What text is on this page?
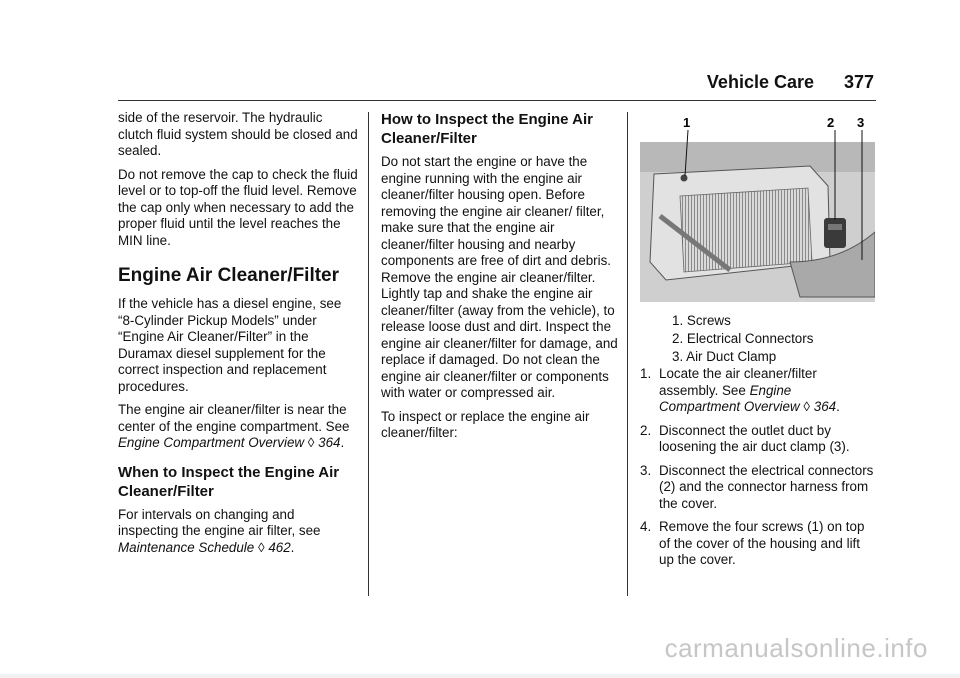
Vehicle Care 377

side of the reservoir. The hydraulic clutch fluid system should be closed and sealed.

Do not remove the cap to check the fluid level or to top-off the fluid level. Remove the cap only when necessary to add the proper fluid until the level reaches the MIN line.

Engine Air Cleaner/Filter

If the vehicle has a diesel engine, see “8-Cylinder Pickup Models” under “Engine Air Cleaner/Filter” in the Duramax diesel supplement for the correct inspection and replacement procedures.

The engine air cleaner/filter is near the center of the engine compartment. See Engine Compartment Overview ◊ 364.

When to Inspect the Engine Air Cleaner/Filter

For intervals on changing and inspecting the engine air filter, see Maintenance Schedule ◊ 462.

How to Inspect the Engine Air Cleaner/Filter

Do not start the engine or have the engine running with the engine air cleaner/filter housing open. Before removing the engine air cleaner/ filter, make sure that the engine air cleaner/filter housing and nearby components are free of dirt and debris. Remove the engine air cleaner/filter. Lightly tap and shake the engine air cleaner/filter (away from the vehicle), to release loose dust and dirt. Inspect the engine air cleaner/filter for damage, and replace if damaged. Do not clean the engine air cleaner/filter or components with water or compressed air.

To inspect or replace the engine air cleaner/filter:

1	2 3
1. Screws
2. Electrical Connectors
3. Air Duct Clamp
1. Locate the air cleaner/filter assembly. See Engine Compartment Overview ◊ 364.
2. Disconnect the outlet duct by loosening the air duct clamp (3).
3. Disconnect the electrical connectors (2) and the connector harness from the cover.
4. Remove the four screws (1) on top of the cover of the housing and lift up the cover.
carmanualsonline.info
